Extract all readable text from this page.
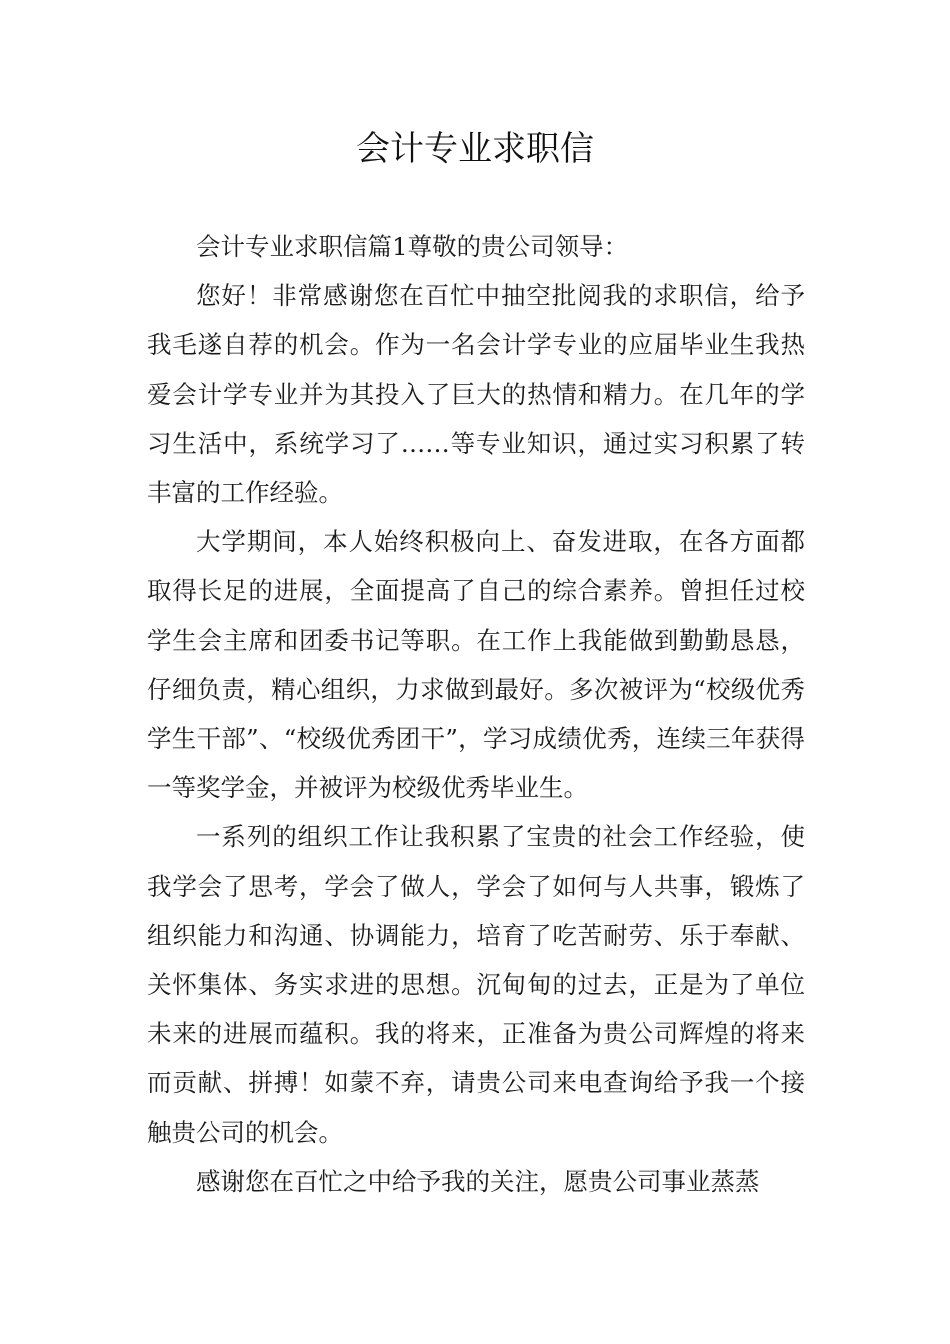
会计专业求职信

会计专业求职信篇1尊敬的贵公司领导：

您好！非常感谢您在百忙中抽空批阅我的求职信，给予我毛遂自荐的机会。作为一名会计学专业的应届毕业生我热爱会计学专业并为其投入了巨大的热情和精力。在几年的学习生活中，系统学习了……等专业知识，通过实习积累了转丰富的工作经验。

大学期间，本人始终积极向上、奋发进取，在各方面都取得长足的进展，全面提高了自己的综合素养。曾担任过校学生会主席和团委书记等职。在工作上我能做到勤勤恳恳，仔细负责，精心组织，力求做到最好。多次被评为“校级优秀学生干部”、“校级优秀团干”，学习成绩优秀，连续三年获得一等奖学金，并被评为校级优秀毕业生。

一系列的组织工作让我积累了宝贵的社会工作经验，使我学会了思考，学会了做人，学会了如何与人共事，锻炼了组织能力和沟通、协调能力，培育了吃苦耐劳、乐于奉献、关怀集体、务实求进的思想。沉甸甸的过去，正是为了单位未来的进展而蕴积。我的将来，正准备为贵公司辉煌的将来而贡献、拼搏！如蒙不弃，请贵公司来电查询给予我一个接触贵公司的机会。

感谢您在百忙之中给予我的关注，愿贵公司事业蒸蒸
